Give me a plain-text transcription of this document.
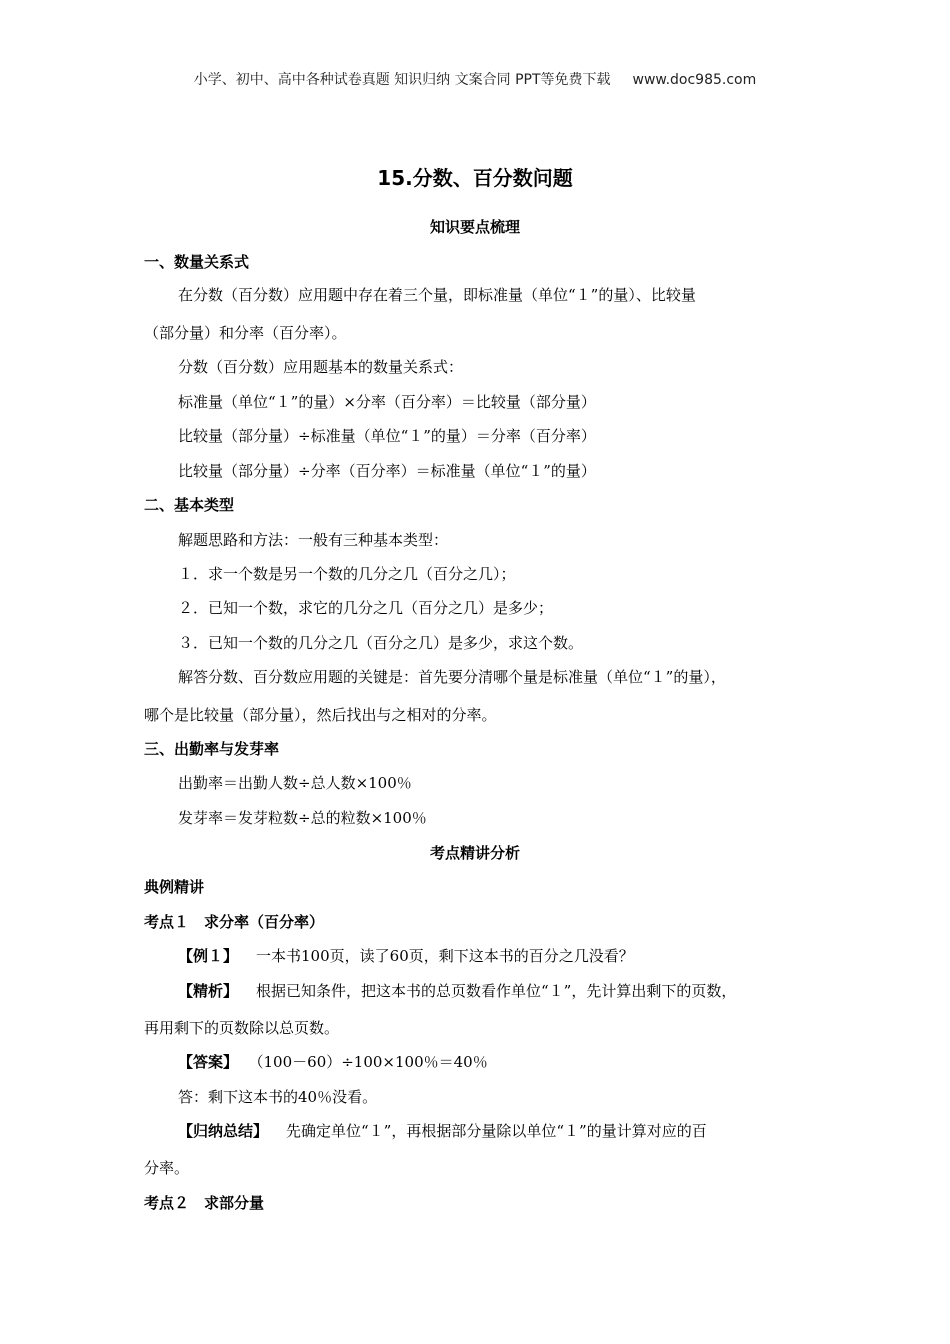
小学、初中、高中各种试卷真题 知识归纳 文案合同 PPT等免费下载 www.doc985.com
15.分数、百分数问题
知识要点梳理
一、数量关系式
在分数（百分数）应用题中存在着三个量，即标准量（单位“１”的量）、比较量
（部分量）和分率（百分率）。
分数（百分数）应用题基本的数量关系式：
标准量（单位“１”的量）×分率（百分率）＝比较量（部分量）
比较量（部分量）÷标准量（单位“１”的量）＝分率（百分率）
比较量（部分量）÷分率（百分率）＝标准量（单位“１”的量）
二、基本类型
解题思路和方法：一般有三种基本类型：
１．求一个数是另一个数的几分之几（百分之几）；
２．已知一个数，求它的几分之几（百分之几）是多少；
３．已知一个数的几分之几（百分之几）是多少，求这个数。
解答分数、百分数应用题的关键是：首先要分清哪个量是标准量（单位“１”的量），
哪个是比较量（部分量），然后找出与之相对的分率。
三、出勤率与发芽率
出勤率＝出勤人数÷总人数×100％
发芽率＝发芽粒数÷总的粒数×100％
考点精讲分析
典例精讲
考点１　求分率（百分率）
【例１】 一本书100页，读了60页，剩下这本书的百分之几没看？
【精析】 根据已知条件，把这本书的总页数看作单位“１”，先计算出剩下的页数，
再用剩下的页数除以总页数。
【答案】 （100－60）÷100×100％＝40％
答：剩下这本书的40％没看。
【归纳总结】 先确定单位“１”，再根据部分量除以单位“１”的量计算对应的百
分率。
考点２　求部分量
